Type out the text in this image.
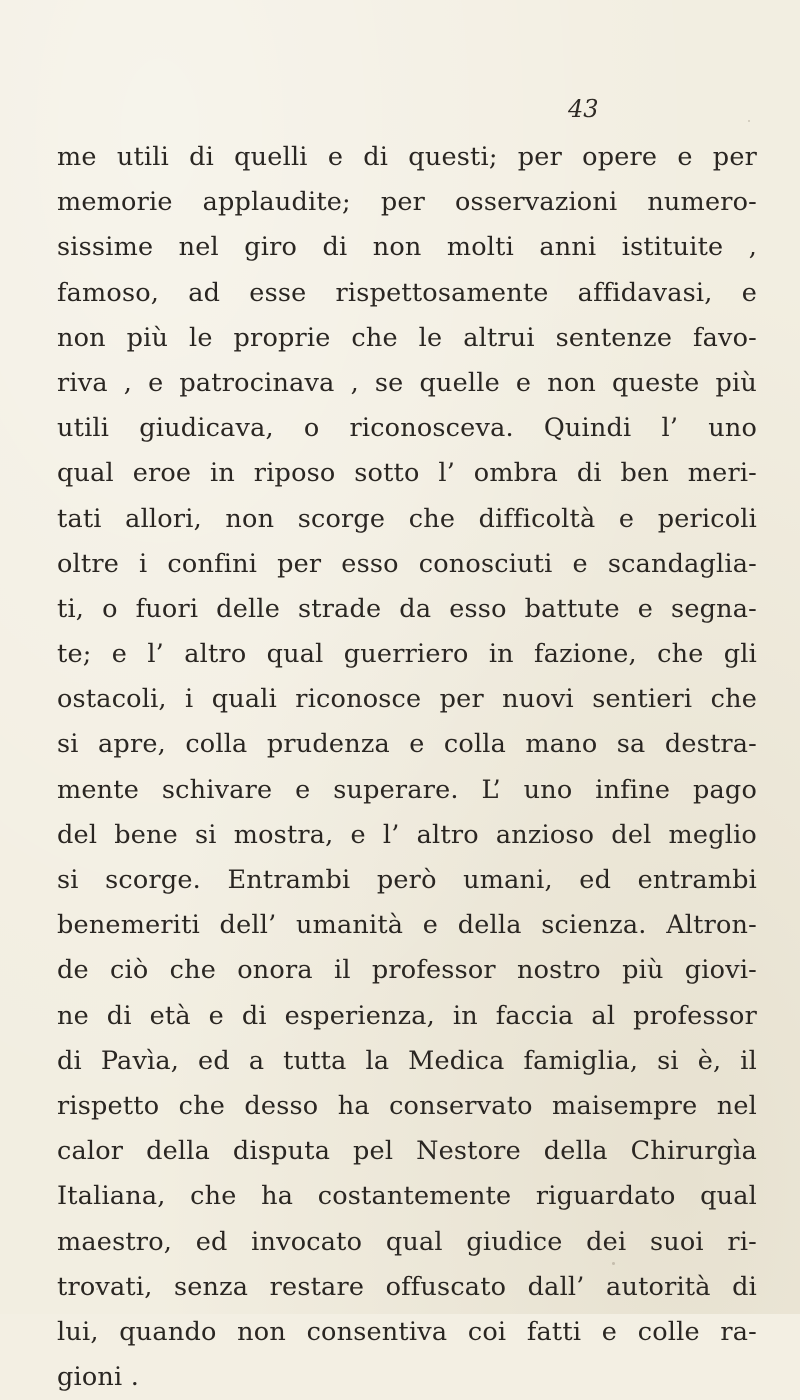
43
me utili di quelli e di questi; per opere e per
memorie applaudite; per osservazioni numero-
sissime nel giro di non molti anni istituite ,
famoso, ad esse rispettosamente affidavasi, e
non più le proprie che le altrui sentenze favo-
riva , e patrocinava , se quelle e non queste più
utili giudicava, o riconosceva. Quindi l’ uno
qual eroe in riposo sotto l’ ombra di ben meri-
tati allori, non scorge che difficoltà e pericoli
oltre i confini per esso conosciuti e scandaglia-
ti, o fuori delle strade da esso battute e segna-
te; e l’ altro qual guerriero in fazione, che gli
ostacoli, i quali riconosce per nuovi sentieri che
si apre, colla prudenza e colla mano sa destra-
mente schivare e superare. L’ uno infine pago
del bene si mostra, e l’ altro anzioso del meglio
si scorge. Entrambi però umani, ed entrambi
benemeriti dell’ umanità e della scienza. Altron-
de ciò che onora il professor nostro più giovi-
ne di età e di esperienza, in faccia al professor
di Pavìa, ed a tutta la Medica famiglia, si è, il
rispetto che desso ha conservato maisempre nel
calor della disputa pel Nestore della Chirurgìa
Italiana, che ha costantemente riguardato qual
maestro, ed invocato qual giudice dei suoi ri-
trovati, senza restare offuscato dall’ autorità di
lui, quando non consentiva coi fatti e colle ra-
gioni .
